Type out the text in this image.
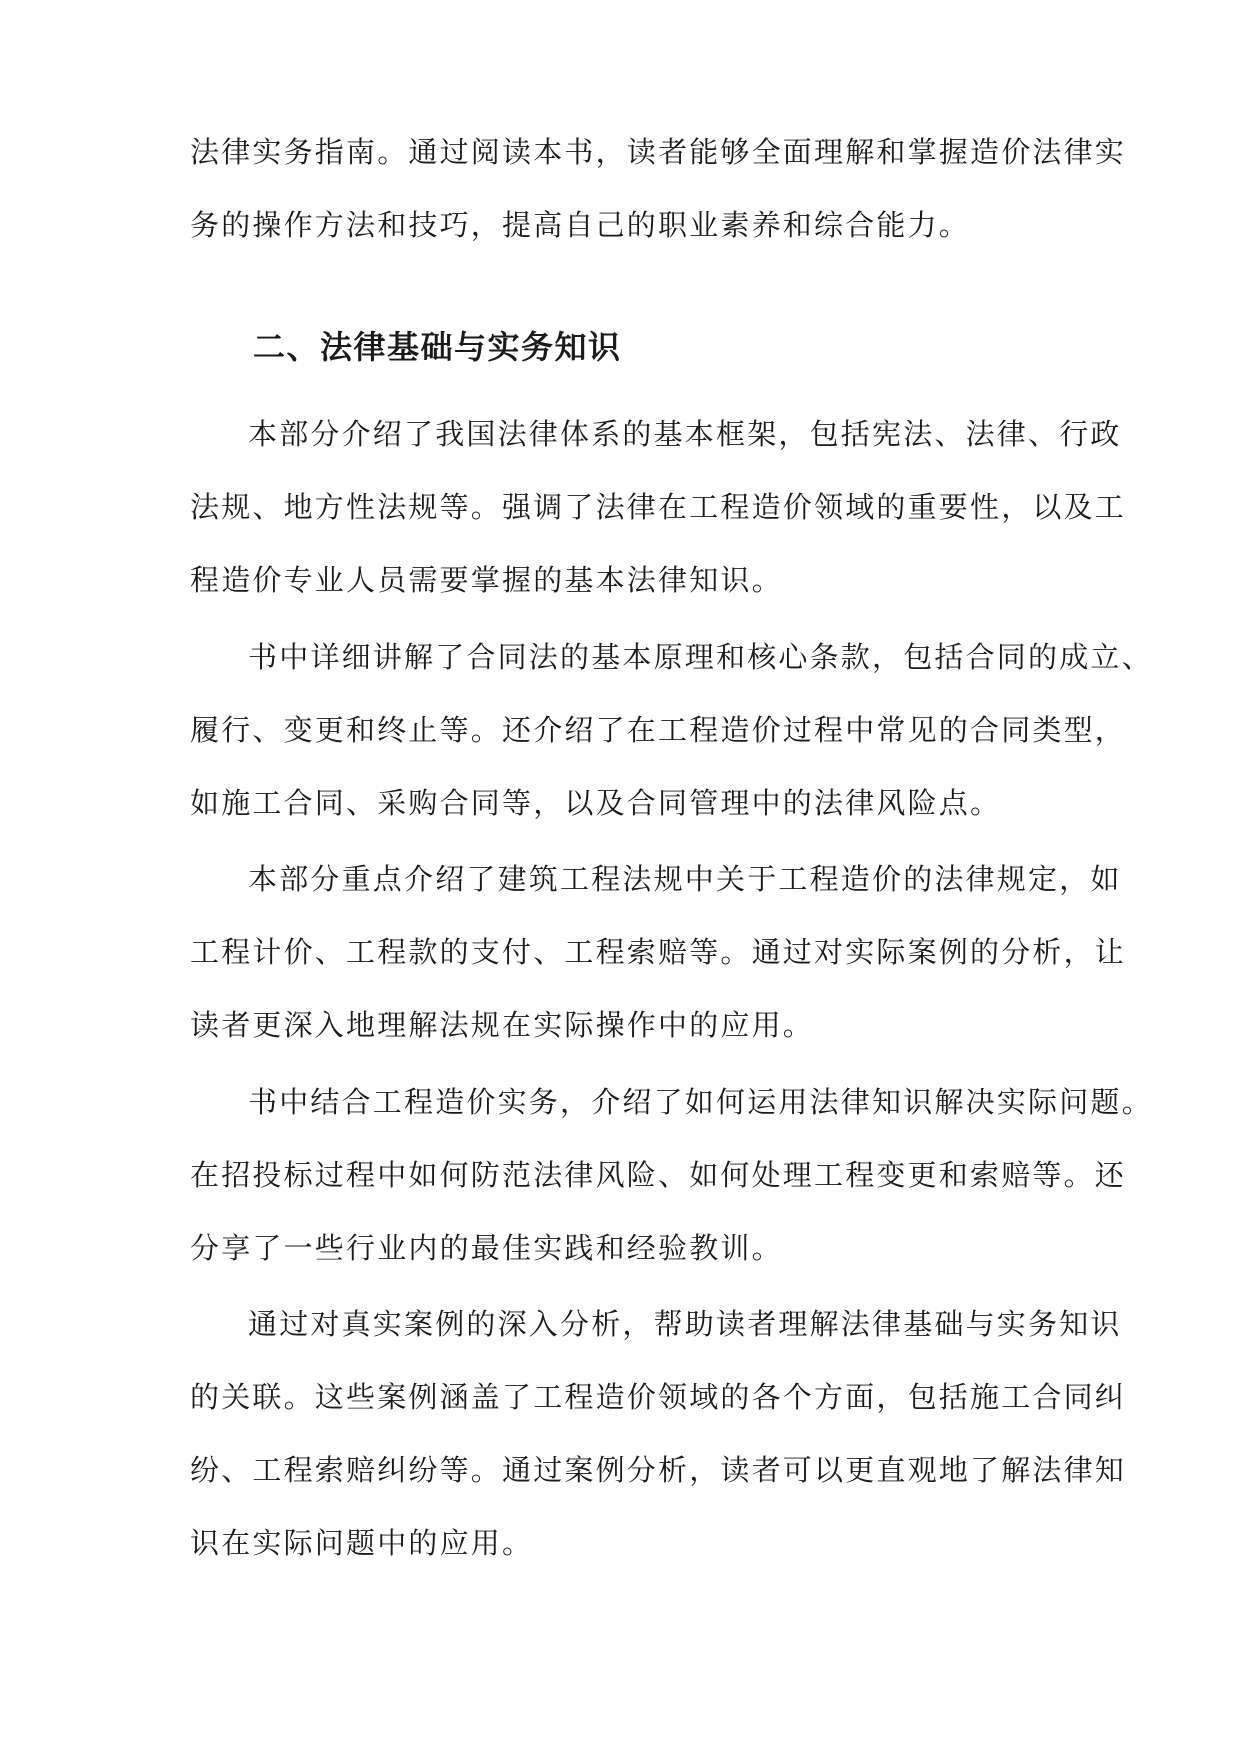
法律实务指南。通过阅读本书，读者能够全面理解和掌握造价法律实
务的操作方法和技巧，提高自己的职业素养和综合能力。
二、法律基础与实务知识
本部分介绍了我国法律体系的基本框架，包括宪法、法律、行政
法规、地方性法规等。强调了法律在工程造价领域的重要性，以及工
程造价专业人员需要掌握的基本法律知识。
书中详细讲解了合同法的基本原理和核心条款，包括合同的成立、
履行、变更和终止等。还介绍了在工程造价过程中常见的合同类型，
如施工合同、采购合同等，以及合同管理中的法律风险点。
本部分重点介绍了建筑工程法规中关于工程造价的法律规定，如
工程计价、工程款的支付、工程索赔等。通过对实际案例的分析，让
读者更深入地理解法规在实际操作中的应用。
书中结合工程造价实务，介绍了如何运用法律知识解决实际问题。
在招投标过程中如何防范法律风险、如何处理工程变更和索赔等。还
分享了一些行业内的最佳实践和经验教训。
通过对真实案例的深入分析，帮助读者理解法律基础与实务知识
的关联。这些案例涵盖了工程造价领域的各个方面，包括施工合同纠
纷、工程索赔纠纷等。通过案例分析，读者可以更直观地了解法律知
识在实际问题中的应用。
